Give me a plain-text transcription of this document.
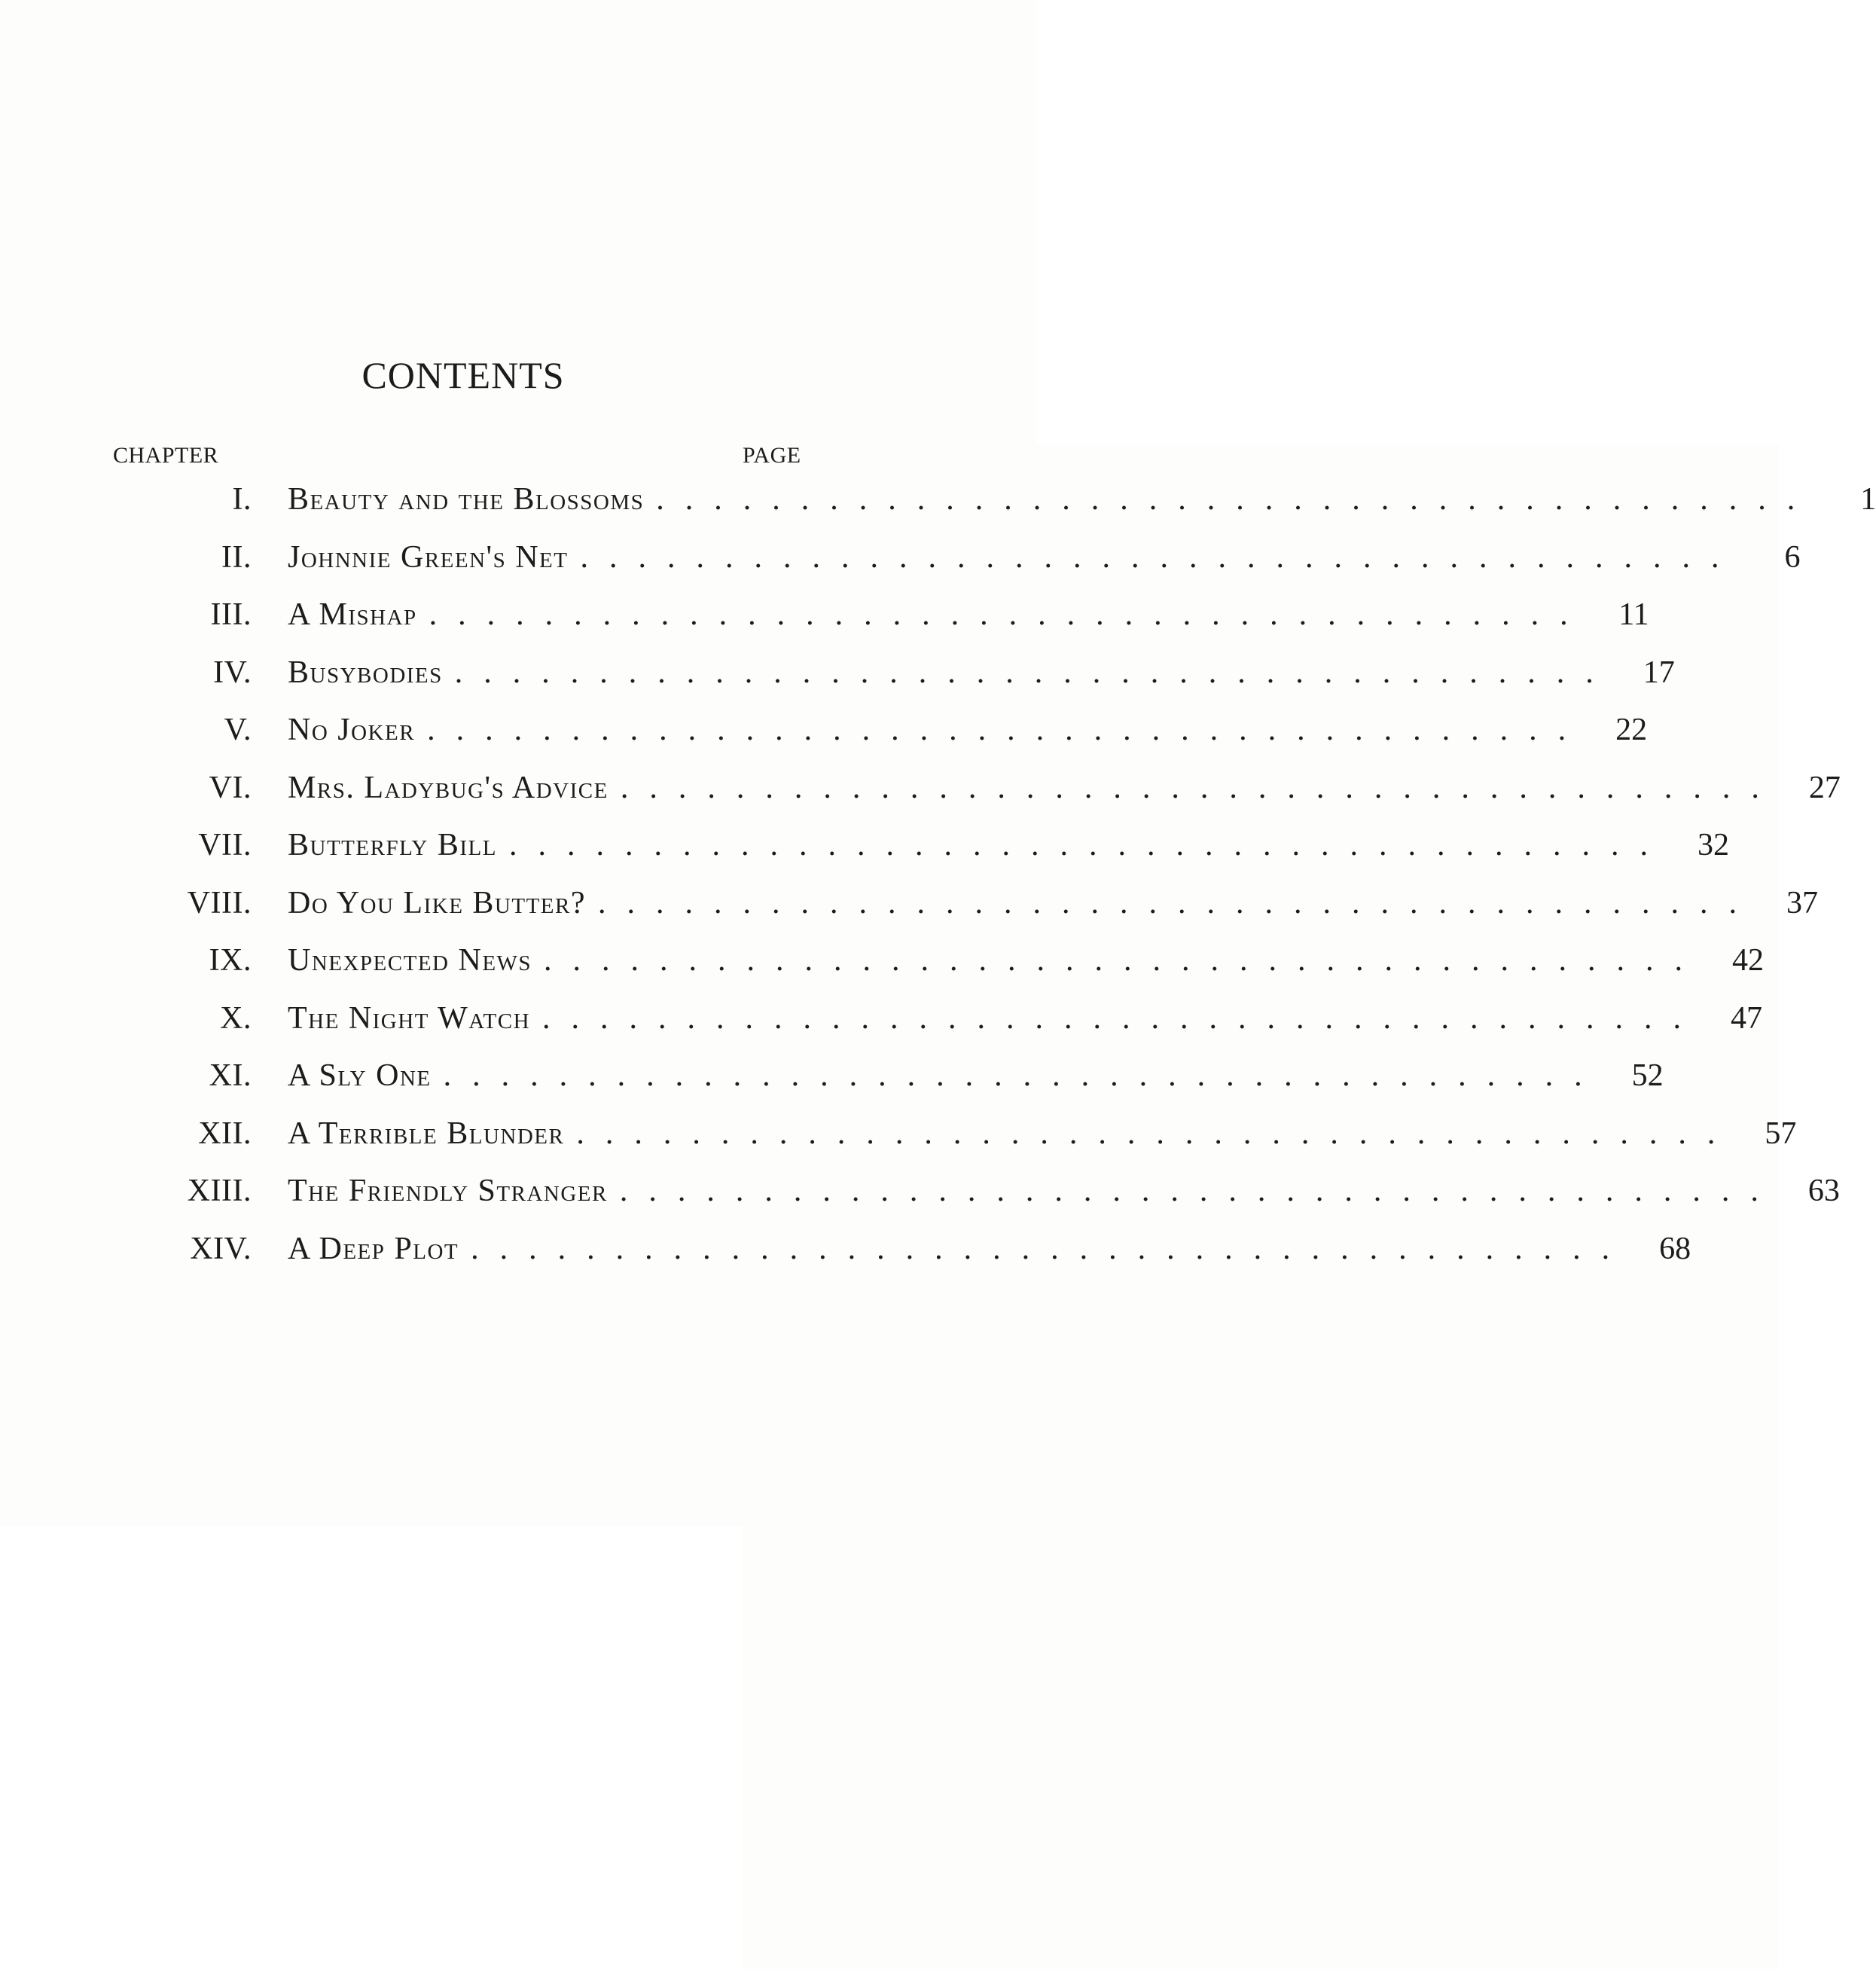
CONTENTS
CHAPTER	PAGE
I. Beauty and the Blossoms ........................................	1
II. Johnnie Green's Net ........................................	6
III. A Mishap ........................................ 11
IV. Busybodies ........................................ 17
V. No Joker ........................................ 22
VI. Mrs. Ladybug's Advice ........................................ 27
VII. Butterfly Bill ........................................ 32
VIII. Do You Like Butter? ........................................ 37
IX. Unexpected News ........................................ 42
X. The Night Watch ........................................ 47
XI. A Sly One ........................................ 52
XII. A Terrible Blunder ........................................ 57
XIII. The Friendly Stranger ........................................ 63
XIV. A Deep Plot ........................................ 68
